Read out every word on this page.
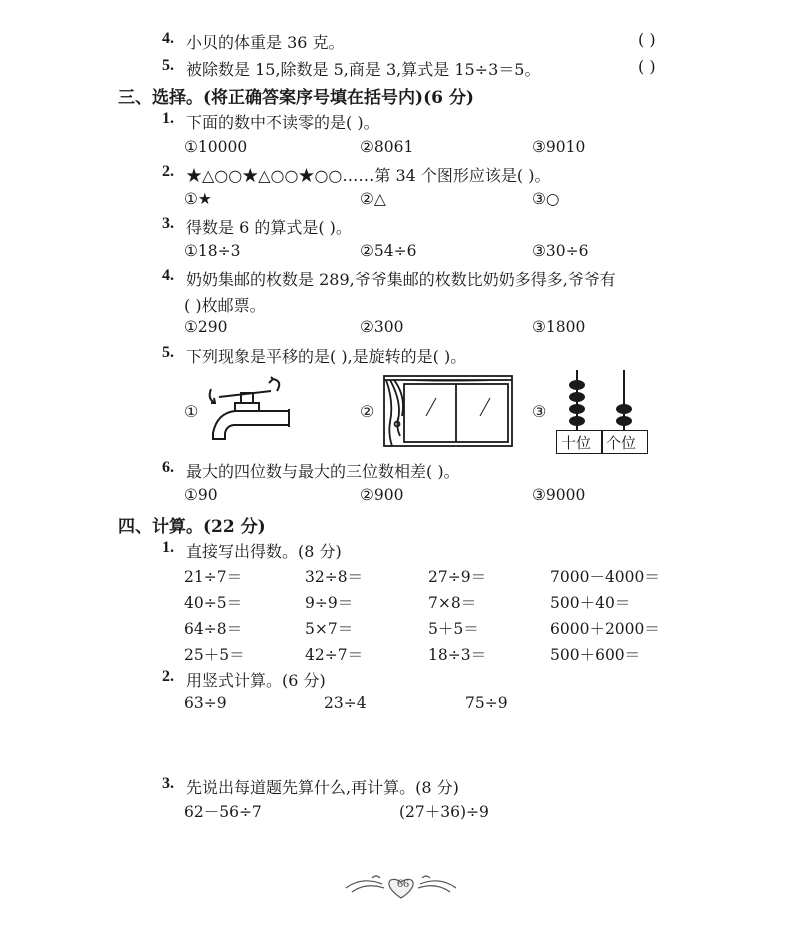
4. 小贝的体重是 36 克。	( )
5. 被除数是 15,除数是 5,商是 3,算式是 15÷3＝5。	( )
三、选择。(将正确答案序号填在括号内)(6 分)
1. 下面的数中不读零的是( )。
①10000	②8061	③9010
2. ★△○○★△○○★○○……第 34 个图形应该是( )。
①★	②△	③○
3. 得数是 6 的算式是( )。
①18÷3	②54÷6	③30÷6
4. 奶奶集邮的枚数是 289,爷爷集邮的枚数比奶奶多得多,爷爷有
( )枚邮票。
①290	②300	③1800
5. 下列现象是平移的是( ),是旋转的是( )。
①	②	③
十位 个位
6. 最大的四位数与最大的三位数相差( )。
①90	②900	③9000
四、计算。(22 分)
1. 直接写出得数。(8 分)
21÷7＝	32÷8＝	27÷9＝	7000－4000＝
40÷5＝	9÷9＝	7×8＝	500＋40＝
64÷8＝	5×7＝	5＋5＝	6000＋2000＝
25＋5＝	42÷7＝	18÷3＝	500＋600＝
2. 用竖式计算。(6 分)
63÷9	23÷4	75÷9
3. 先说出每道题先算什么,再计算。(8 分)
62－56÷7	(27＋36)÷9
66
